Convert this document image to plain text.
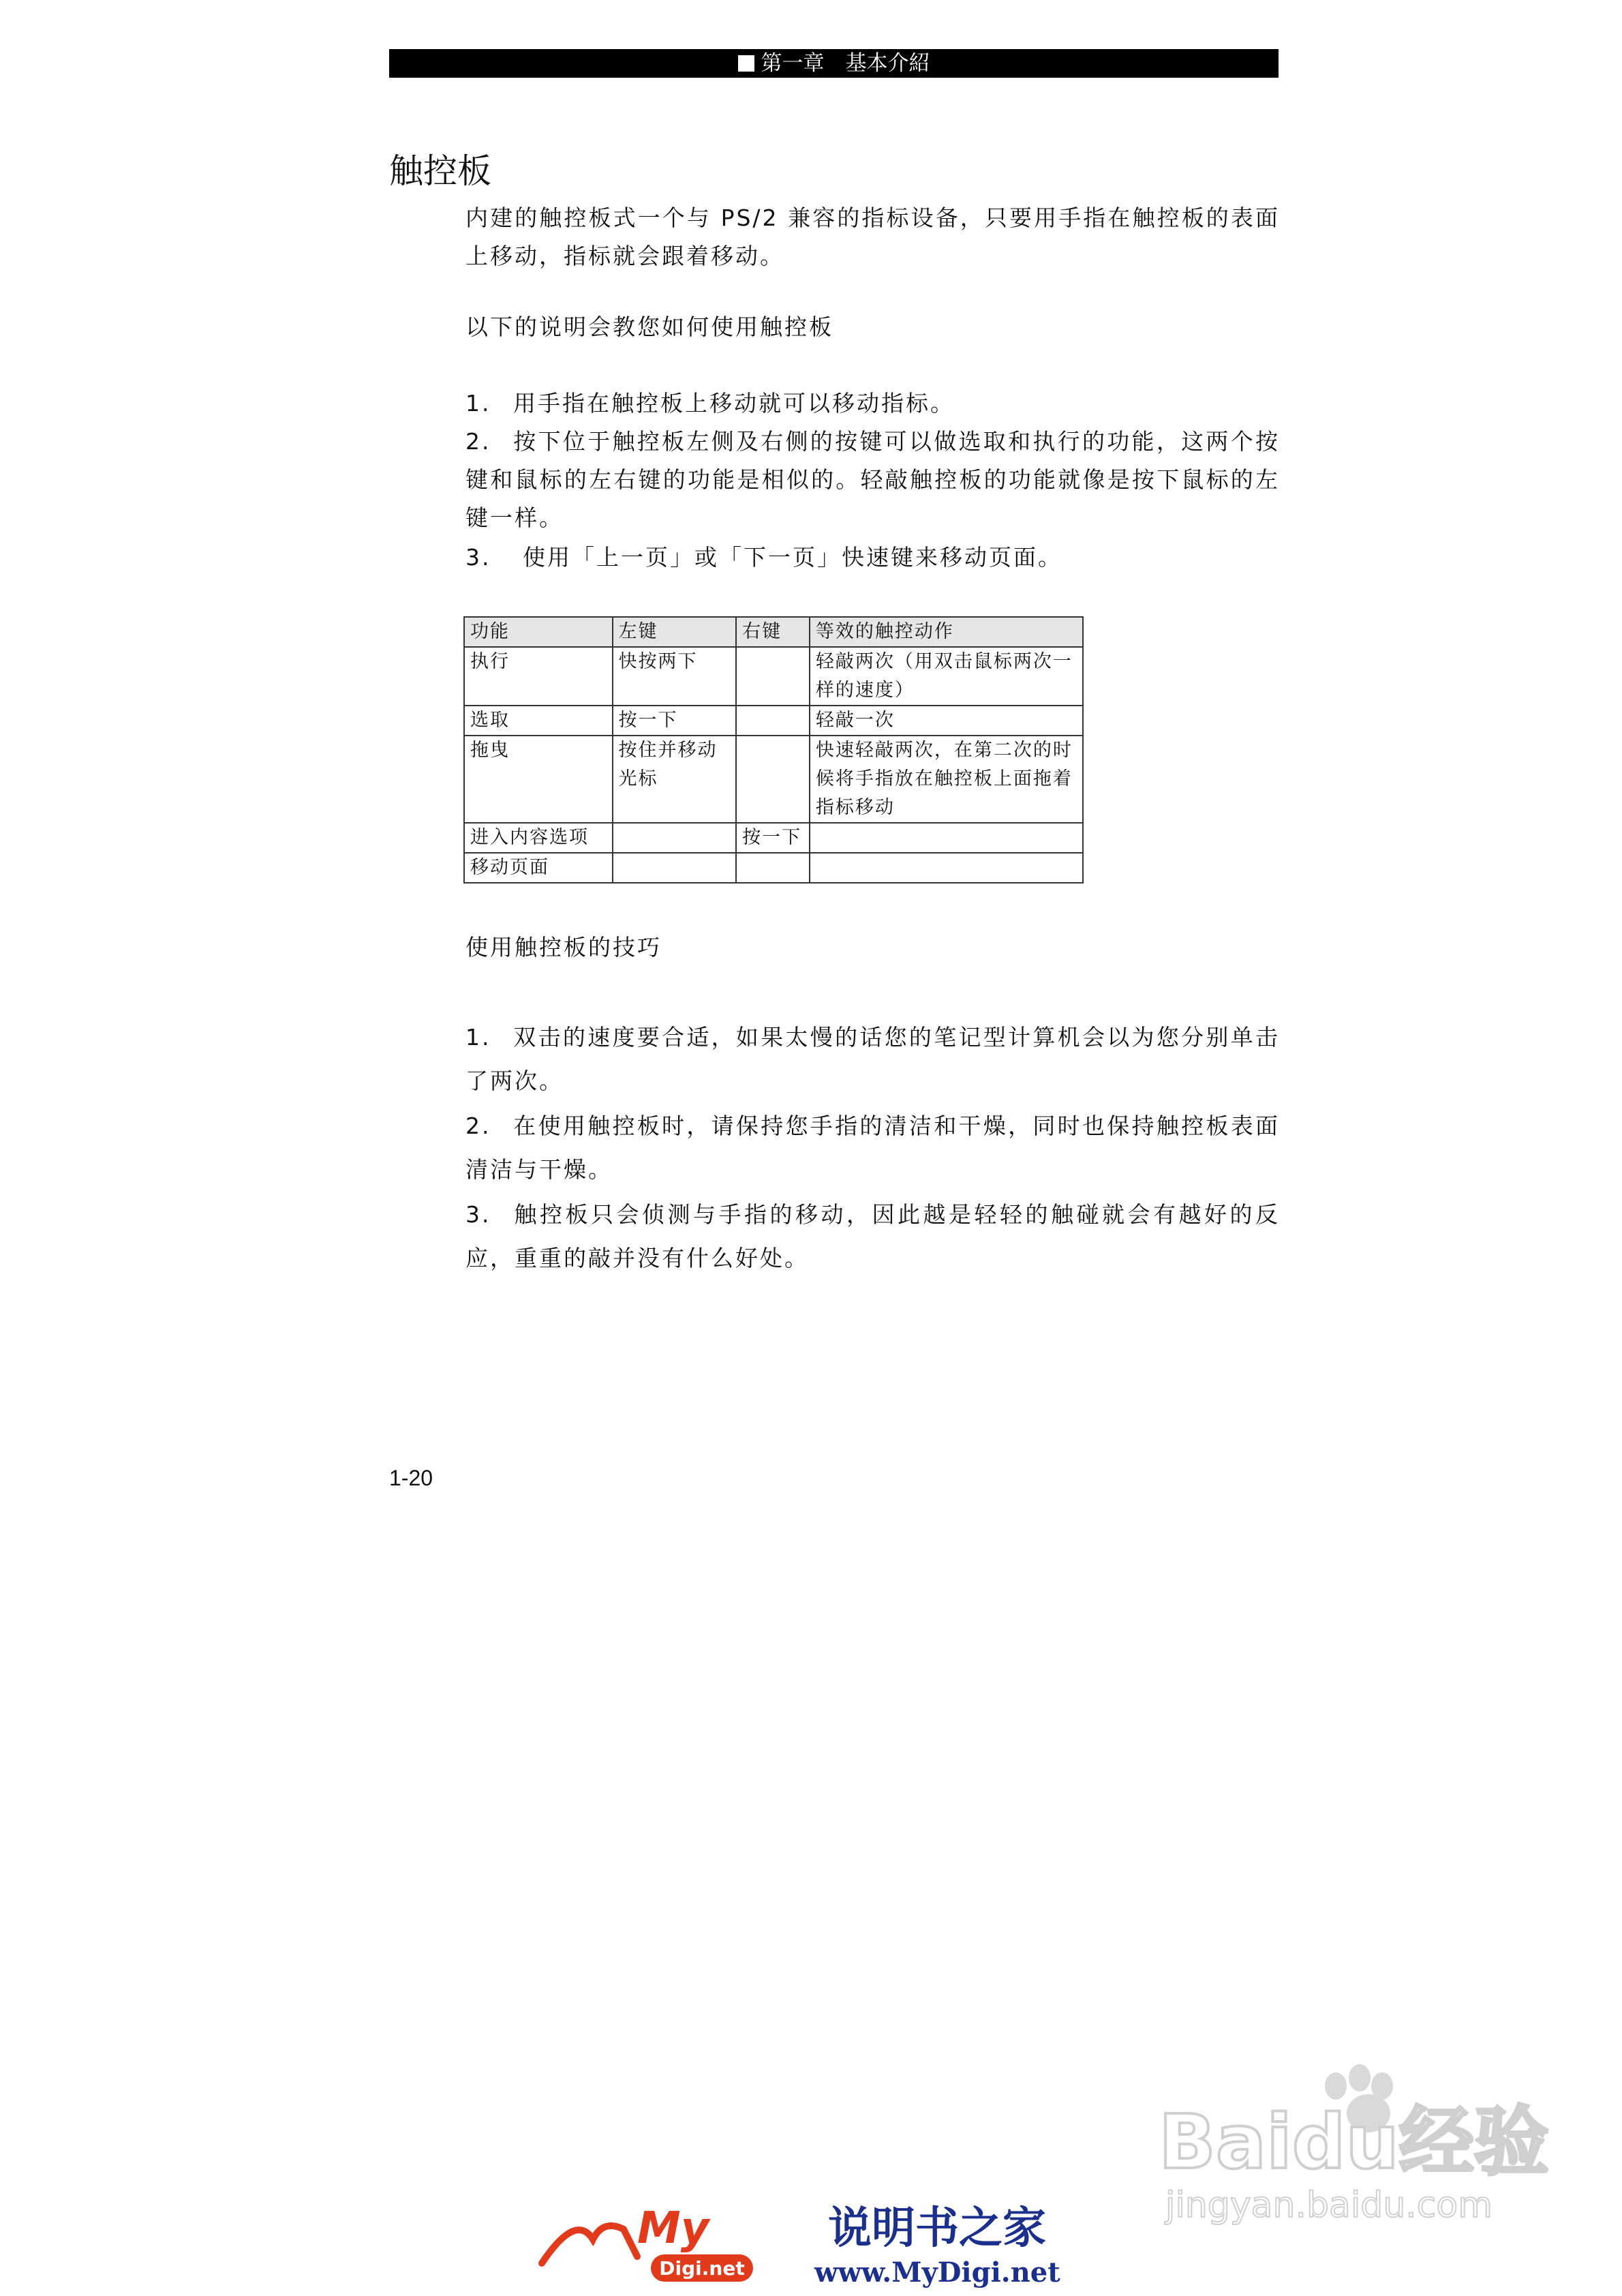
第一章　基本介紹
触控板

内建的触控板式一个与 PS/2 兼容的指标设备，只要用手指在触控板的表面上移动，指标就会跟着移动。

以下的说明会教您如何使用触控板

1. 用手指在触控板上移动就可以移动指标。

2. 按下位于触控板左侧及右侧的按键可以做选取和执行的功能，这两个按键和鼠标的左右键的功能是相似的。轻敲触控板的功能就像是按下鼠标的左键一样。

3. 使用「上一页」或「下一页」快速键来移动页面。

功能	左键	右键	等效的触控动作
执行	快按两下		轻敲两次（用双击鼠标两次一样的速度）
选取	按一下		轻敲一次
拖曳	按住并移动光标		快速轻敲两次，在第二次的时候将手指放在触控板上面拖着指标移动
进入内容选项		按一下	
移动页面			

使用触控板的技巧

1. 双击的速度要合适，如果太慢的话您的笔记型计算机会以为您分别单击了两次。

2. 在使用触控板时，请保持您手指的清洁和干燥，同时也保持触控板表面清洁与干燥。

3. 触控板只会侦测与手指的移动，因此越是轻轻的触碰就会有越好的反应，重重的敲并没有什么好处。

1-20
My
Digi.net
说明书之家
www.MyDigi.net
Baidu经验
jingyan.baidu.com
